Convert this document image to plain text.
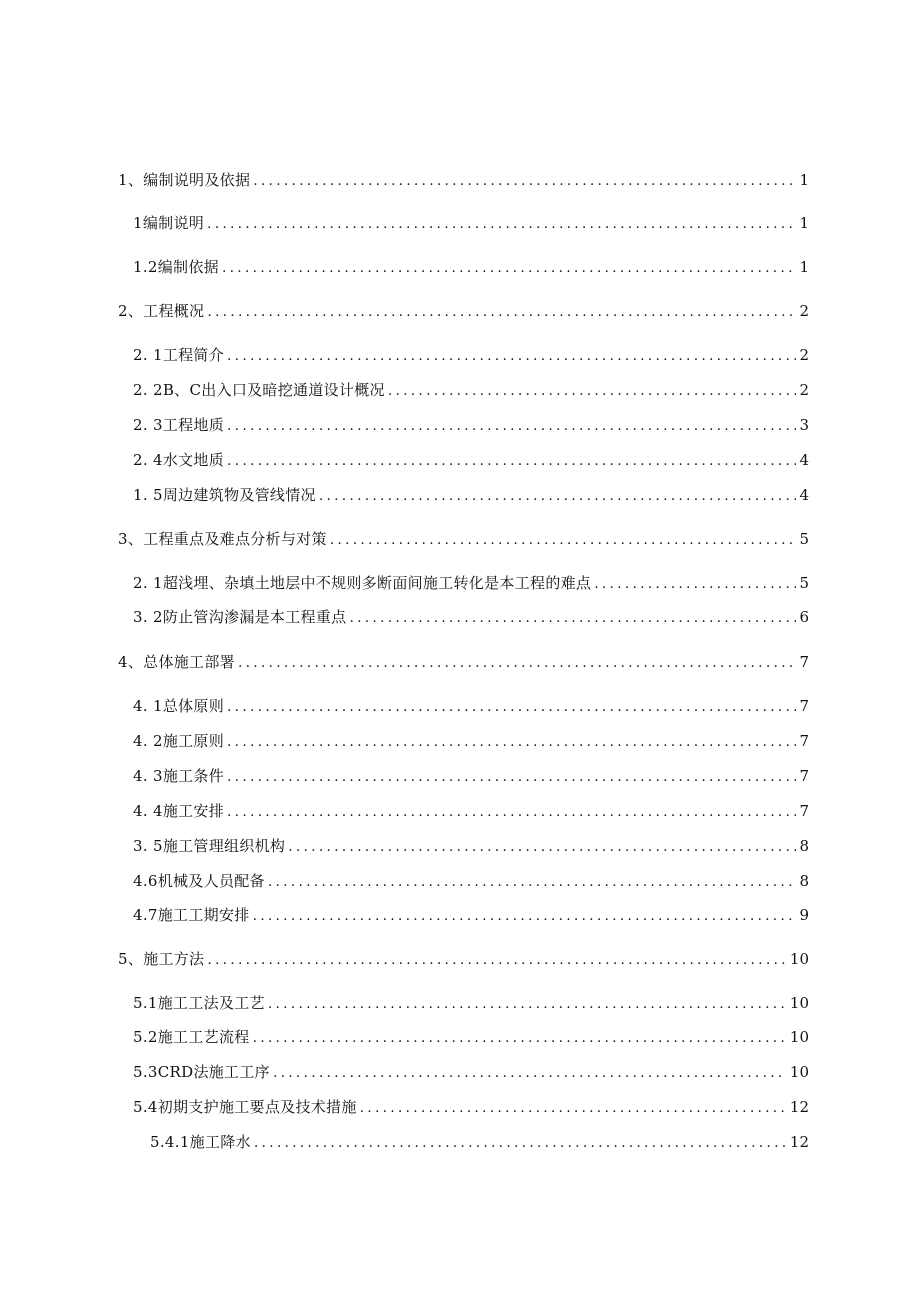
1、编制说明及依据 .....	1
1编制说明 .....	1
1.2编制依据 .....	1
2、工程概况 .....	2
2. 1工程简介 .....	2
2. 2B、C出入口及暗挖通道设计概况 .....	2
2. 3工程地质 .....	3
2. 4水文地质 .....	4
1. 5周边建筑物及管线情况 .....	4
3、工程重点及难点分析与对策 .....	5
2. 1超浅埋、杂填土地层中不规则多断面间施工转化是本工程的难点 .....	5
3. 2防止管沟渗漏是本工程重点 .....	6
4、总体施工部署 .....	7
4. 1总体原则 .....	7
4. 2施工原则 .....	7
4. 3施工条件 .....	7
4. 4施工安排 .....	7
3. 5施工管理组织机构 .....	8
4.6机械及人员配备 .....	8
4.7施工工期安排 .....	9
5、施工方法 .....	10
5.1施工工法及工艺 .....	10
5.2施工工艺流程 .....	10
5.3CRD法施工工序 .....	10
5.4初期支护施工要点及技术措施 .....	12
5.4.1施工降水 .....	12
